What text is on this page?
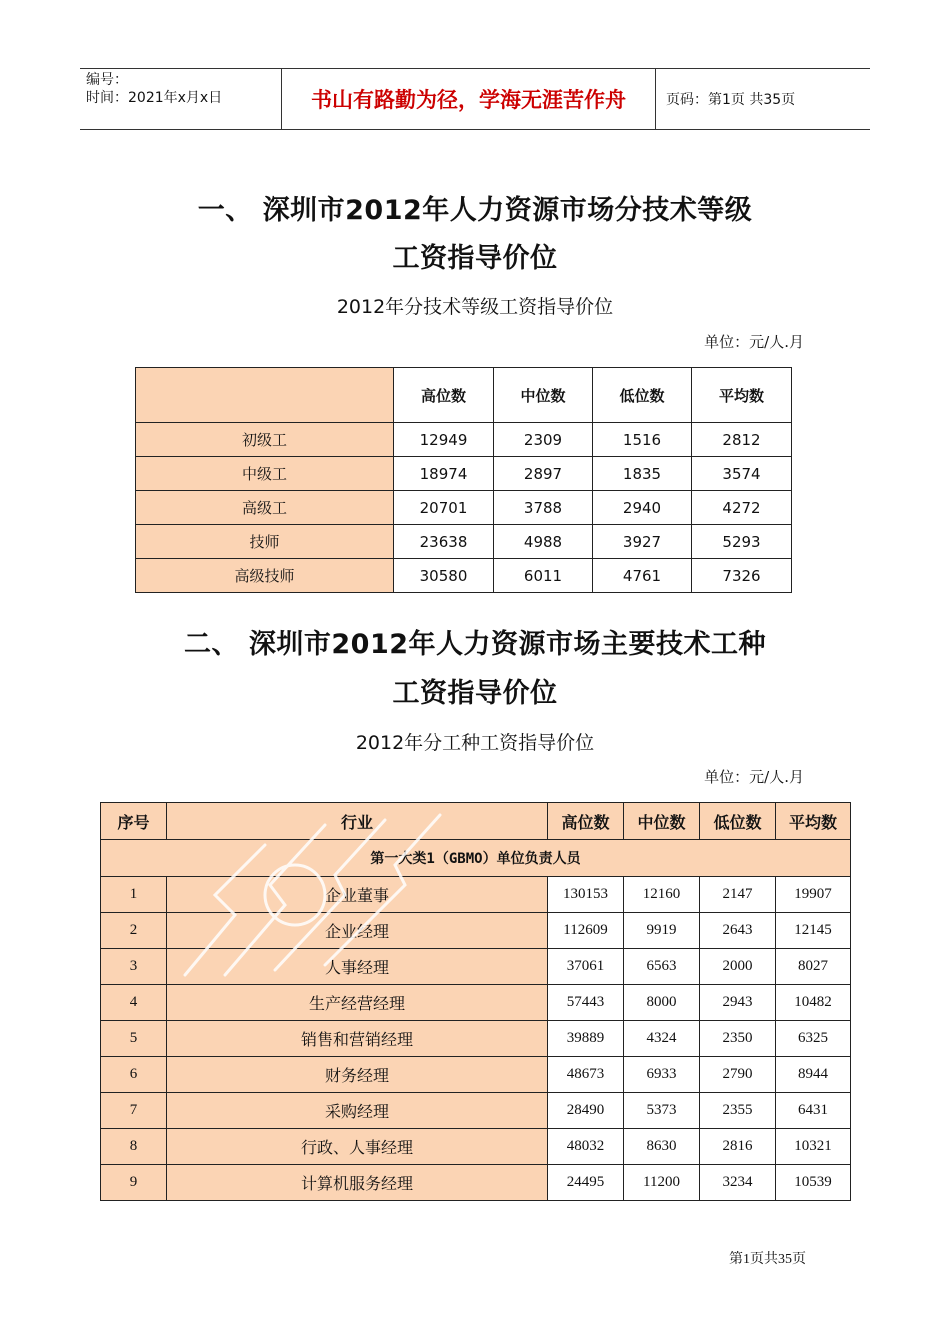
编号：
时间：2021年x月x日	书山有路勤为径，学海无涯苦作舟	页码：第1页 共35页
一、 深圳市2012年人力资源市场分技术等级
工资指导价位
2012年分技术等级工资指导价位
单位：元/人.月
	高位数	中位数	低位数	平均数
初级工	12949	2309	1516	2812
中级工	18974	2897	1835	3574
高级工	20701	3788	2940	4272
技师	23638	4988	3927	5293
高级技师	30580	6011	4761	7326
二、 深圳市2012年人力资源市场主要技术工种
工资指导价位
2012年分工种工资指导价位
单位：元/人.月
序号	行业	高位数	中位数	低位数	平均数
第一大类1（GBMO）单位负责人员					
1	企业董事	130153	12160	2147	19907
2	企业经理	112609	9919	2643	12145
3	人事经理	37061	6563	2000	8027
4	生产经营经理	57443	8000	2943	10482
5	销售和营销经理	39889	4324	2350	6325
6	财务经理	48673	6933	2790	8944
7	采购经理	28490	5373	2355	6431
8	行政、人事经理	48032	8630	2816	10321
9	计算机服务经理	24495	11200	3234	10539
第1页共35页
